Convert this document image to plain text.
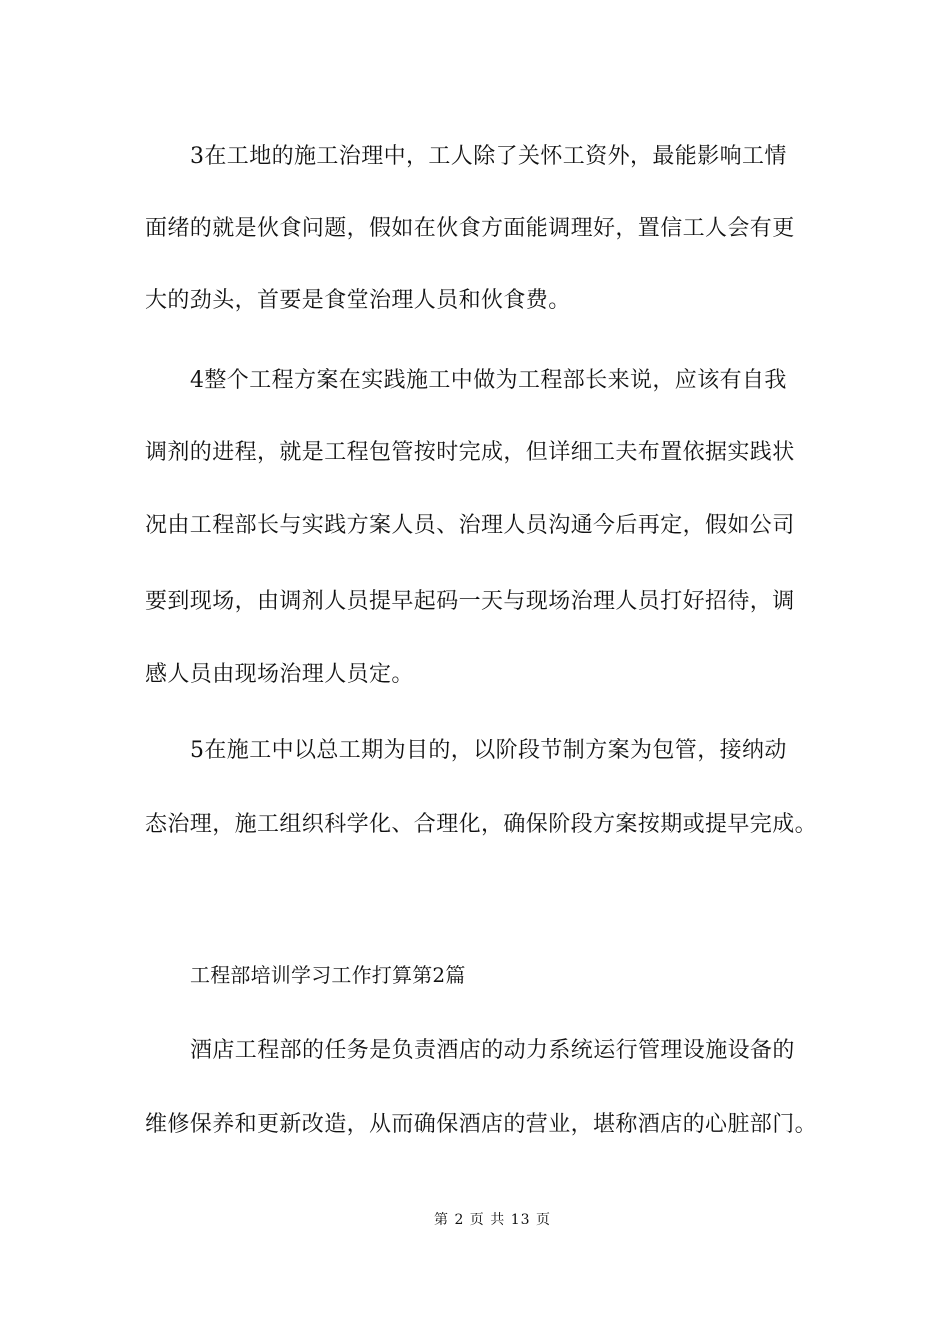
3在工地的施工治理中，工人除了关怀工资外，最能影响工情
面绪的就是伙食问题，假如在伙食方面能调理好，置信工人会有更
大的劲头，首要是食堂治理人员和伙食费。
4整个工程方案在实践施工中做为工程部长来说，应该有自我
调剂的进程，就是工程包管按时完成，但详细工夫布置依据实践状
况由工程部长与实践方案人员、治理人员沟通今后再定，假如公司
要到现场，由调剂人员提早起码一天与现场治理人员打好招待，调
感人员由现场治理人员定。
5在施工中以总工期为目的，以阶段节制方案为包管，接纳动
态治理，施工组织科学化、合理化，确保阶段方案按期或提早完成。
工程部培训学习工作打算第2篇
酒店工程部的任务是负责酒店的动力系统运行管理设施设备的
维修保养和更新改造，从而确保酒店的营业，堪称酒店的心脏部门。
第 2 页 共 13 页
